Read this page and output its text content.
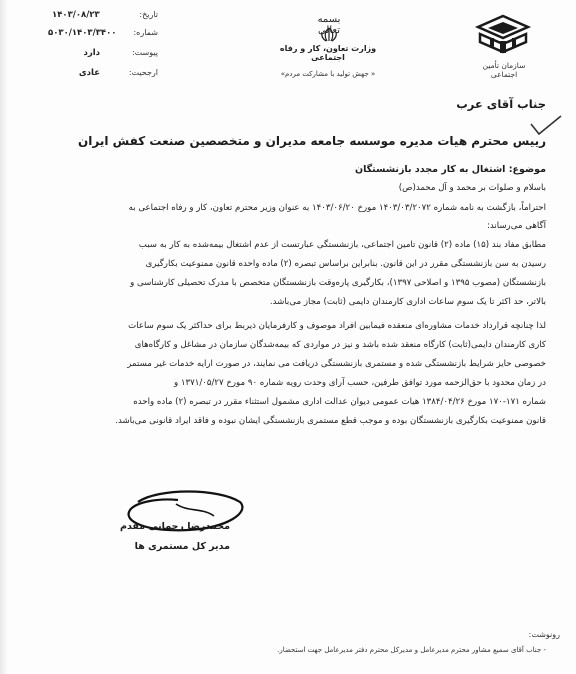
سازمان تأمین اجتماعی
بسمه تعالی
وزارت تعاون، کار و رفاه اجتماعی
« جهش تولید با مشارکت مردم»
تاریخ:
۱۴۰۳/۰۸/۲۳
شماره:
۵۰۳۰/۱۴۰۳/۳۴۰۰
پیوست:
دارد
ارجحیت:
عادی
جناب آقای عرب
رییس محترم هیات مدیره موسسه جامعه مدیران و متخصصین صنعت کفش ایران
موضوع: اشتغال به کار مجدد بازنشستگان
باسلام و صلوات بر محمد و آل محمد(ص)
احتراماً، بازگشت به نامه شماره ۱۴۰۳/۰۳/۲۰۷۲ مورخ ۱۴۰۳/۰۶/۲۰ به عنوان وزیر محترم تعاون، کار و رفاه اجتماعی به
آگاهی می‌رساند:
مطابق مفاد بند (۱۵) ماده (۲) قانون تامین اجتماعی، بازنشستگی عبارتست از عدم اشتغال بیمه‌شده به کار به سبب
رسیدن به سن بازنشستگی مقرر در این قانون. بنابراین براساس تبصره (۲) ماده واحده قانون ممنوعیت بکارگیری
بازنشستگان (مصوب ۱۳۹۵ و اصلاحی ۱۳۹۷)، بکارگیری پاره‌وقت بازنشستگان متخصص با مدرک تحصیلی کارشناسی و
بالاتر، حد اکثر تا یک سوم ساعات اداری کارمندان دایمی (ثابت) مجاز می‌باشد.
لذا چنانچه قرارداد خدمات مشاوره‌ای منعقده فیمابین افراد موصوف و کارفرمایان ذیربط برای حداکثر یک سوم ساعات
کاری کارمندان دایمی(ثابت) کارگاه منعقد شده باشد و نیز در مواردی که بیمه‌شدگان سازمان در مشاغل و کارگاه‌های
خصوصی حایز شرایط بازنشستگی شده و مستمری بازنشستگی دریافت می نمایند، در صورت ارایه خدمات غیر مستمر
در زمان محدود با حق‌الزحمه مورد توافق طرفین، حسب آرای وحدت رویه شماره ۹۰ مورخ ۱۳۷۱/۰۵/۲۷ و
شماره ۱۷۱-۱۷۰ مورخ ۱۳۸۴/۰۴/۲۶ هیات عمومی دیوان عدالت اداری مشمول استثناء مقرر در تبصره (۲) ماده واحده
قانون ممنوعیت بکارگیری بازنشستگان بوده و موجب قطع مستمری بازنشستگی ایشان نبوده و فاقد ایراد قانونی می‌باشد.
محمدرضا رحمانی مقدم
مدیر کل مستمری ها
رونوشت:
- جناب آقای سمیع مشاور محترم مدیرعامل و مدیرکل محترم دفتر مدیرعامل جهت استحضار.
